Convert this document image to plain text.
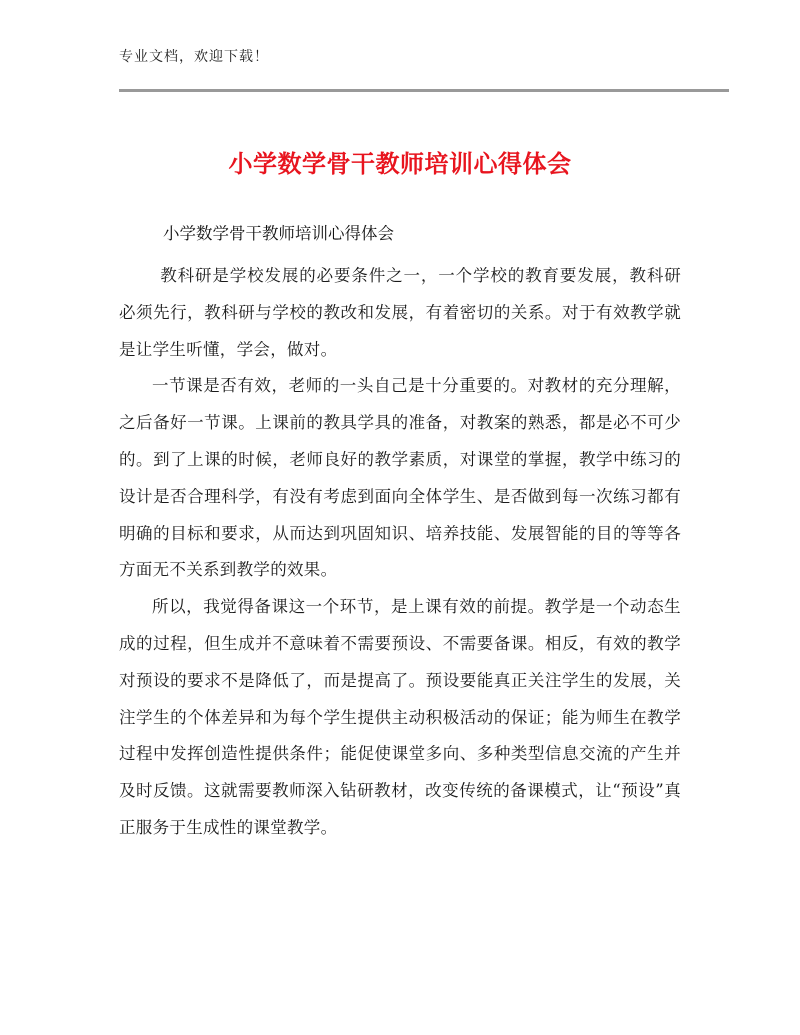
专业文档，欢迎下载！
小学数学骨干教师培训心得体会
小学数学骨干教师培训心得体会

教科研是学校发展的必要条件之一，一个学校的教育要发展，教科研必须先行，教科研与学校的教改和发展，有着密切的关系。对于有效教学就是让学生听懂，学会，做对。

一节课是否有效，老师的一头自己是十分重要的。对教材的充分理解，之后备好一节课。上课前的教具学具的准备，对教案的熟悉，都是必不可少的。到了上课的时候，老师良好的教学素质，对课堂的掌握，教学中练习的设计是否合理科学，有没有考虑到面向全体学生、是否做到每一次练习都有明确的目标和要求，从而达到巩固知识、培养技能、发展智能的目的等等各方面无不关系到教学的效果。

所以，我觉得备课这一个环节，是上课有效的前提。教学是一个动态生成的过程，但生成并不意味着不需要预设、不需要备课。相反，有效的教学对预设的要求不是降低了，而是提高了。预设要能真正关注学生的发展，关注学生的个体差异和为每个学生提供主动积极活动的保证；能为师生在教学过程中发挥创造性提供条件；能促使课堂多向、多种类型信息交流的产生并及时反馈。这就需要教师深入钻研教材，改变传统的备课模式，让“预设”真正服务于生成性的课堂教学。
